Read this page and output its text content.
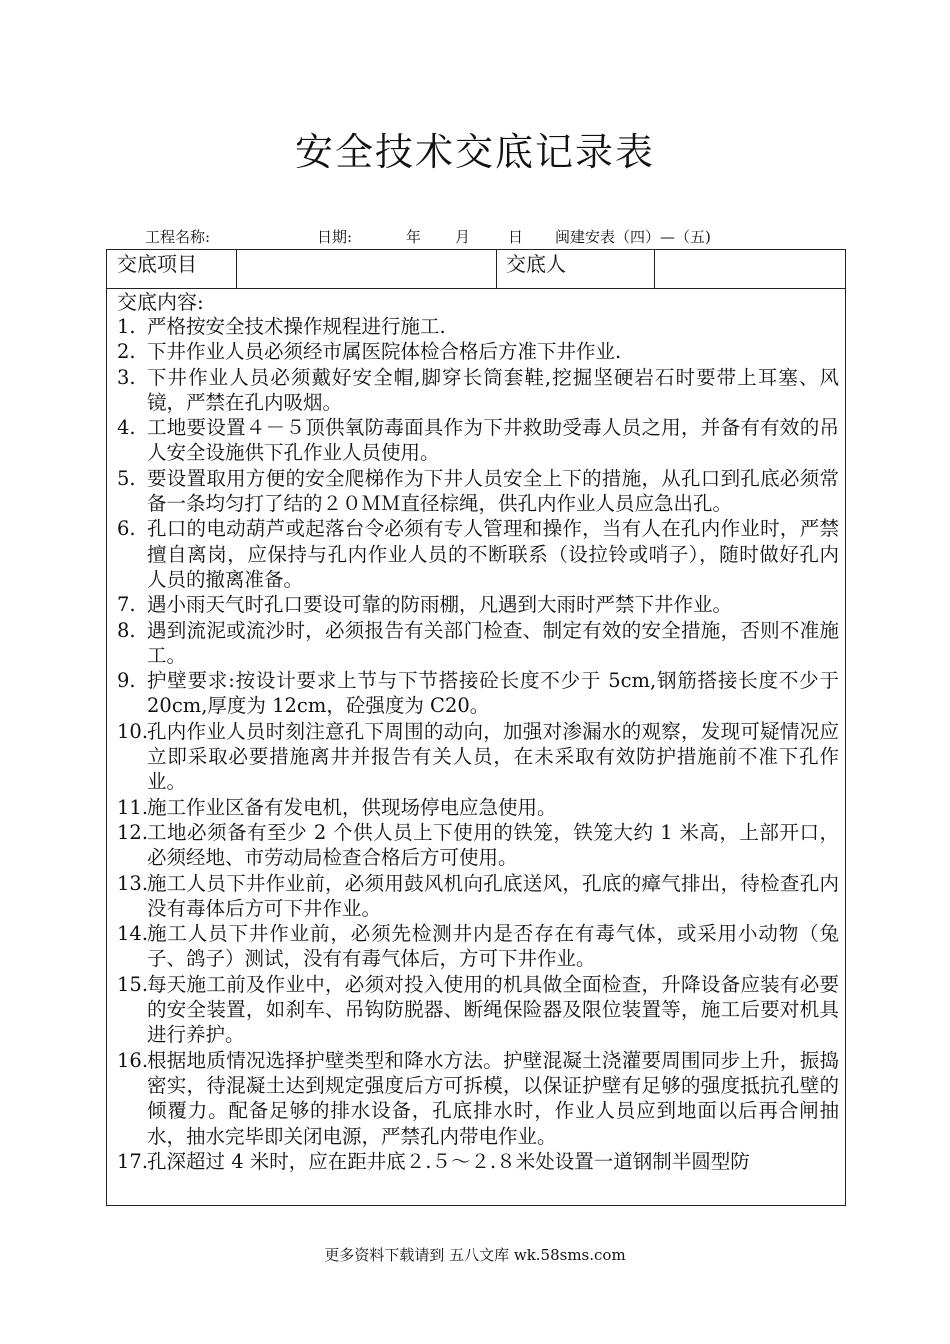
安全技术交底记录表
工程名称:	日期:	年 月	日 闽建安表（四）—（五)
交底项目	交底人
交底内容:
1. 严格按安全技术操作规程进行施工.
2. 下井作业人员必须经市属医院体检合格后方准下井作业.
3. 下井作业人员必须戴好安全帽,脚穿长筒套鞋,挖掘坚硬岩石时要带上耳塞、风镜，严禁在孔内吸烟。
4. 工地要设置４－５顶供氧防毒面具作为下井救助受毒人员之用，并备有有效的吊人安全设施供下孔作业人员使用。
5. 要设置取用方便的安全爬梯作为下井人员安全上下的措施，从孔口到孔底必须常备一条均匀打了结的２０ＭＭ直径棕绳，供孔内作业人员应急出孔。
6. 孔口的电动葫芦或起落台令必须有专人管理和操作，当有人在孔内作业时，严禁擅自离岗，应保持与孔内作业人员的不断联系（设拉铃或哨子），随时做好孔内人员的撤离准备。
7. 遇小雨天气时孔口要设可靠的防雨棚，凡遇到大雨时严禁下井作业。
8. 遇到流泥或流沙时，必须报告有关部门检查、制定有效的安全措施，否则不准施工。
9. 护壁要求:按设计要求上节与下节搭接砼长度不少于 5cm,钢筋搭接长度不少于 20cm,厚度为 12cm，砼强度为 C20。
10.
孔内作业人员时刻注意孔下周围的动向，加强对渗漏水的观察，发现可疑情况应立即采取必要措施离井并报告有关人员，在未采取有效防护措施前不准下孔作业。
11.
施工作业区备有发电机，供现场停电应急使用。
12.
工地必须备有至少 2 个供人员上下使用的铁笼，铁笼大约 1 米高，上部开口，必须经地、市劳动局检查合格后方可使用。
13.
施工人员下井作业前，必须用鼓风机向孔底送风，孔底的瘴气排出，待检查孔内没有毒体后方可下井作业。
14.
施工人员下井作业前，必须先检测井内是否存在有毒气体，或采用小动物（兔子、鸽子）测试，没有有毒气体后，方可下井作业。
15.
每天施工前及作业中，必须对投入使用的机具做全面检查，升降设备应装有必要的安全装置，如刹车、吊钩防脱器、断绳保险器及限位装置等，施工后要对机具进行养护。
16.
根据地质情况选择护壁类型和降水方法。护壁混凝土浇灌要周围同步上升，振捣密实，待混凝土达到规定强度后方可拆模，以保证护壁有足够的强度抵抗孔壁的倾覆力。配备足够的排水设备，孔底排水时，作业人员应到地面以后再合闸抽水，抽水完毕即关闭电源，严禁孔内带电作业。
17.
孔深超过 4 米时，应在距井底２.５～２.８米处设置一道钢制半圆型防
更多资料下载请到 五八文库 wk.58sms.com
